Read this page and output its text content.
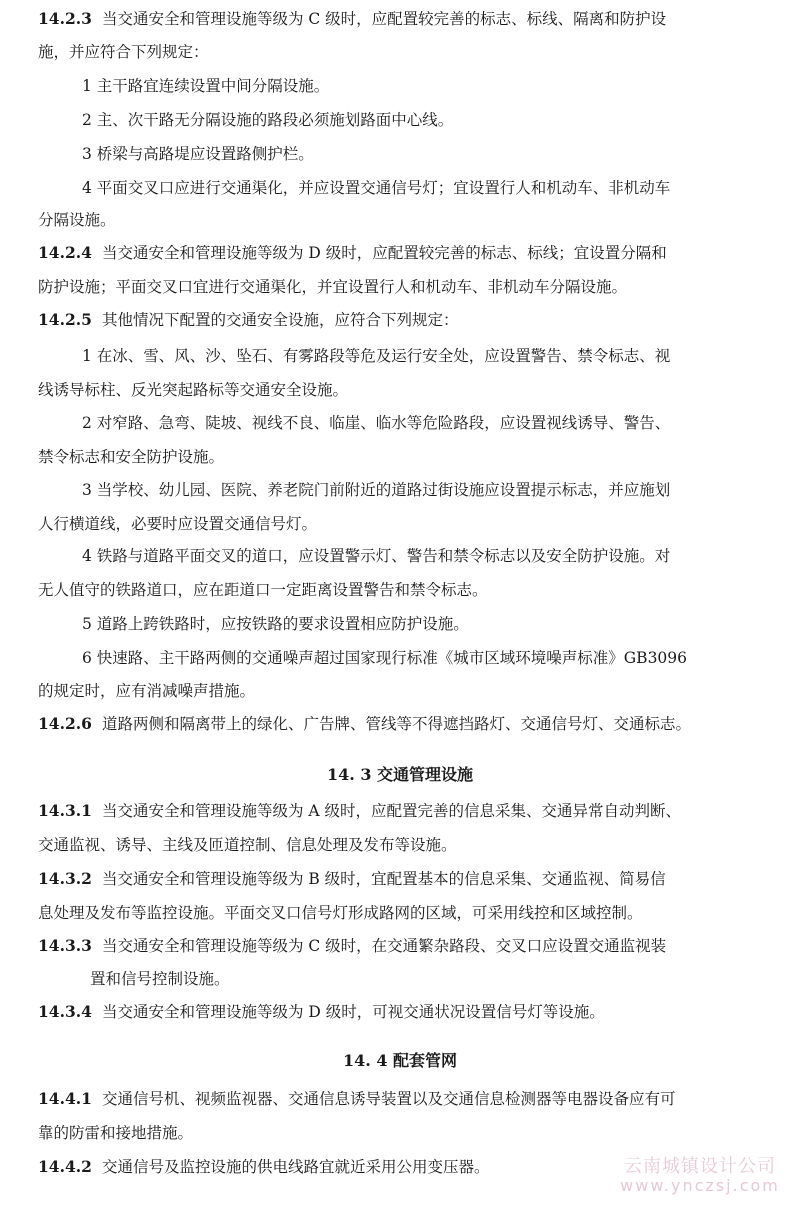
14.2.3 当交通安全和管理设施等级为 C 级时，应配置较完善的标志、标线、隔离和防护设
施，并应符合下列规定：
1 主干路宜连续设置中间分隔设施。
2 主、次干路无分隔设施的路段必须施划路面中心线。
3 桥梁与高路堤应设置路侧护栏。
4 平面交叉口应进行交通渠化，并应设置交通信号灯；宜设置行人和机动车、非机动车
分隔设施。
14.2.4 当交通安全和管理设施等级为 D 级时，应配置较完善的标志、标线；宜设置分隔和
防护设施；平面交叉口宜进行交通渠化，并宜设置行人和机动车、非机动车分隔设施。
14.2.5 其他情况下配置的交通安全设施，应符合下列规定：
1 在冰、雪、风、沙、坠石、有雾路段等危及运行安全处，应设置警告、禁令标志、视
线诱导标柱、反光突起路标等交通安全设施。
2 对窄路、急弯、陡坡、视线不良、临崖、临水等危险路段，应设置视线诱导、警告、
禁令标志和安全防护设施。
3 当学校、幼儿园、医院、养老院门前附近的道路过街设施应设置提示标志，并应施划
人行横道线，必要时应设置交通信号灯。
4 铁路与道路平面交叉的道口，应设置警示灯、警告和禁令标志以及安全防护设施。对
无人值守的铁路道口，应在距道口一定距离设置警告和禁令标志。
5 道路上跨铁路时，应按铁路的要求设置相应防护设施。
6 快速路、主干路两侧的交通噪声超过国家现行标准《城市区域环境噪声标准》GB3096
的规定时，应有消减噪声措施。
14.2.6 道路两侧和隔离带上的绿化、广告牌、管线等不得遮挡路灯、交通信号灯、交通标志。
14. 3 交通管理设施
14.3.1 当交通安全和管理设施等级为 A 级时，应配置完善的信息采集、交通异常自动判断、
交通监视、诱导、主线及匝道控制、信息处理及发布等设施。
14.3.2 当交通安全和管理设施等级为 B 级时，宜配置基本的信息采集、交通监视、简易信
息处理及发布等监控设施。平面交叉口信号灯形成路网的区域，可采用线控和区域控制。
14.3.3 当交通安全和管理设施等级为 C 级时，在交通繁杂路段、交叉口应设置交通监视装
置和信号控制设施。
14.3.4 当交通安全和管理设施等级为 D 级时，可视交通状况设置信号灯等设施。
14. 4 配套管网
14.4.1 交通信号机、视频监视器、交通信息诱导装置以及交通信息检测器等电器设备应有可
靠的防雷和接地措施。
14.4.2 交通信号及监控设施的供电线路宜就近采用公用变压器。	云南城镇设计公司
www.ynczsj.com
